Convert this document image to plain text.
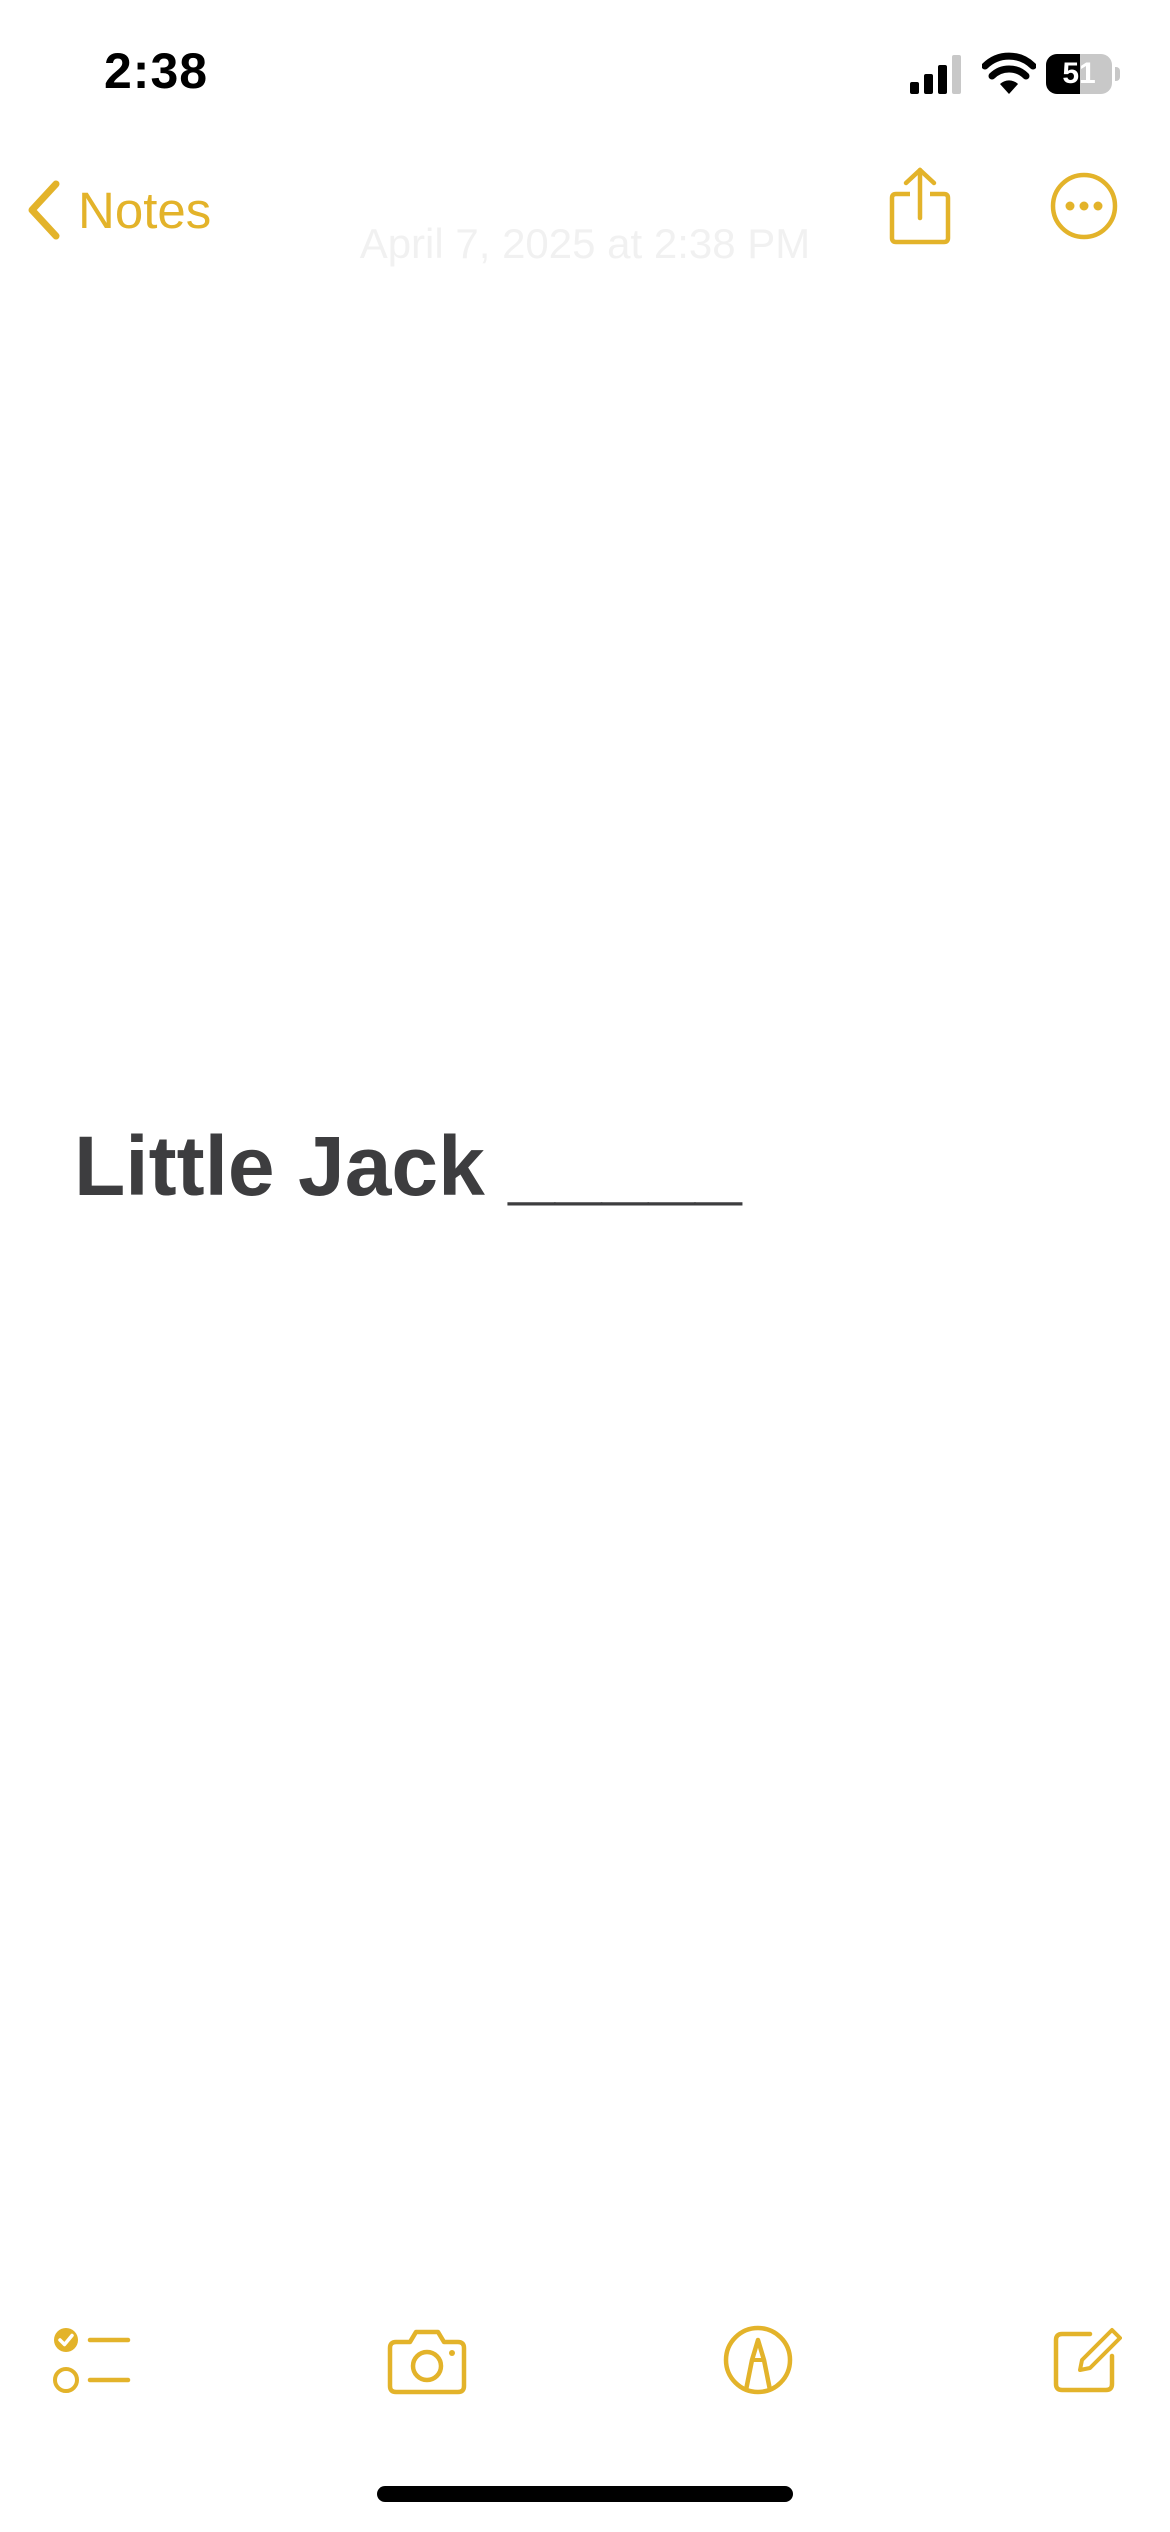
2:38	51
Notes
April 7, 2025 at 2:38 PM
Little Jack _____
